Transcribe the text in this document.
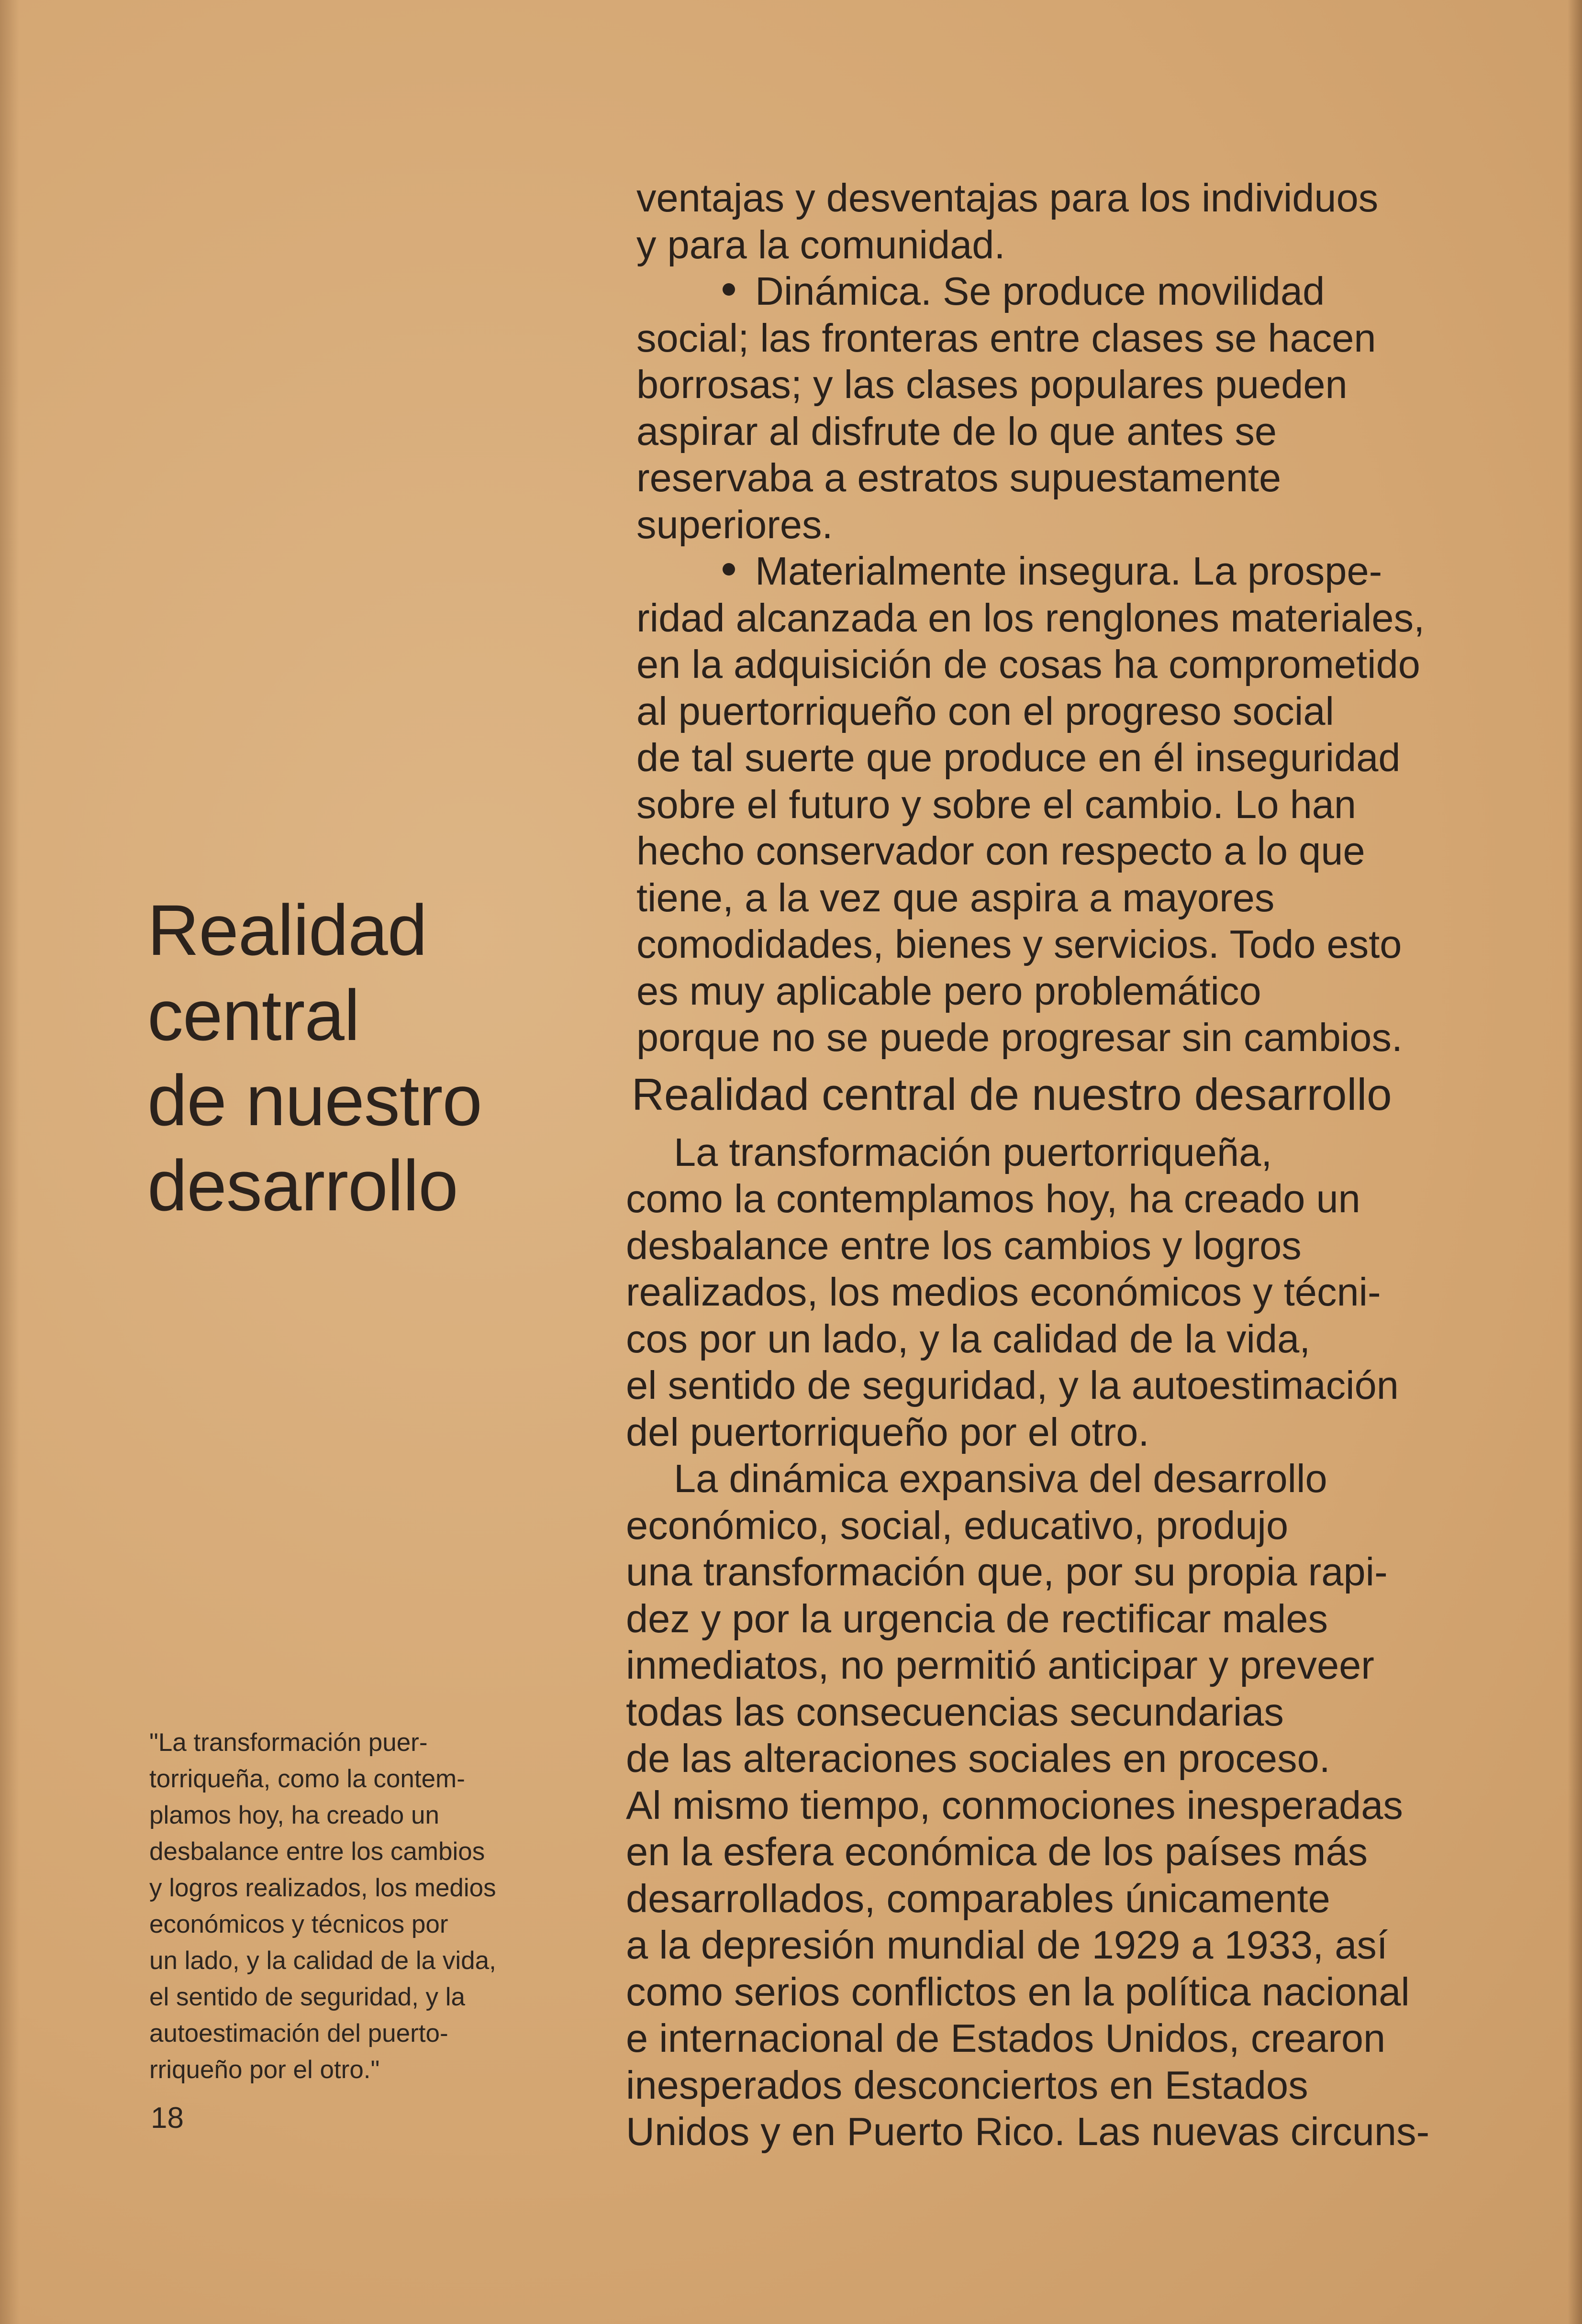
Realidad
central
de nuestro
desarrollo
"La transformación puer-
torriqueña, como la contem-
plamos hoy, ha creado un
desbalance entre los cambios
y logros realizados, los medios
económicos y técnicos por
un lado, y la calidad de la vida,
el sentido de seguridad, y la
autoestimación del puerto-
rriqueño por el otro."
18
ventajas y desventajas para los individuos
y para la comunidad.
Dinámica. Se produce movilidad
social; las fronteras entre clases se hacen
borrosas; y las clases populares pueden
aspirar al disfrute de lo que antes se
reservaba a estratos supuestamente
superiores.
Materialmente insegura. La prospe-
ridad alcanzada en los renglones materiales,
en la adquisición de cosas ha comprometido
al puertorriqueño con el progreso social
de tal suerte que produce en él inseguridad
sobre el futuro y sobre el cambio. Lo han
hecho conservador con respecto a lo que
tiene, a la vez que aspira a mayores
comodidades, bienes y servicios. Todo esto
es muy aplicable pero problemático
porque no se puede progresar sin cambios.
Realidad central de nuestro desarrollo
La transformación puertorriqueña,
como la contemplamos hoy, ha creado un
desbalance entre los cambios y logros
realizados, los medios económicos y técni-
cos por un lado, y la calidad de la vida,
el sentido de seguridad, y la autoestimación
del puertorriqueño por el otro.
La dinámica expansiva del desarrollo
económico, social, educativo, produjo
una transformación que, por su propia rapi-
dez y por la urgencia de rectificar males
inmediatos, no permitió anticipar y preveer
todas las consecuencias secundarias
de las alteraciones sociales en proceso.
Al mismo tiempo, conmociones inesperadas
en la esfera económica de los países más
desarrollados, comparables únicamente
a la depresión mundial de 1929 a 1933, así
como serios conflictos en la política nacional
e internacional de Estados Unidos, crearon
inesperados desconciertos en Estados
Unidos y en Puerto Rico. Las nuevas circuns-
